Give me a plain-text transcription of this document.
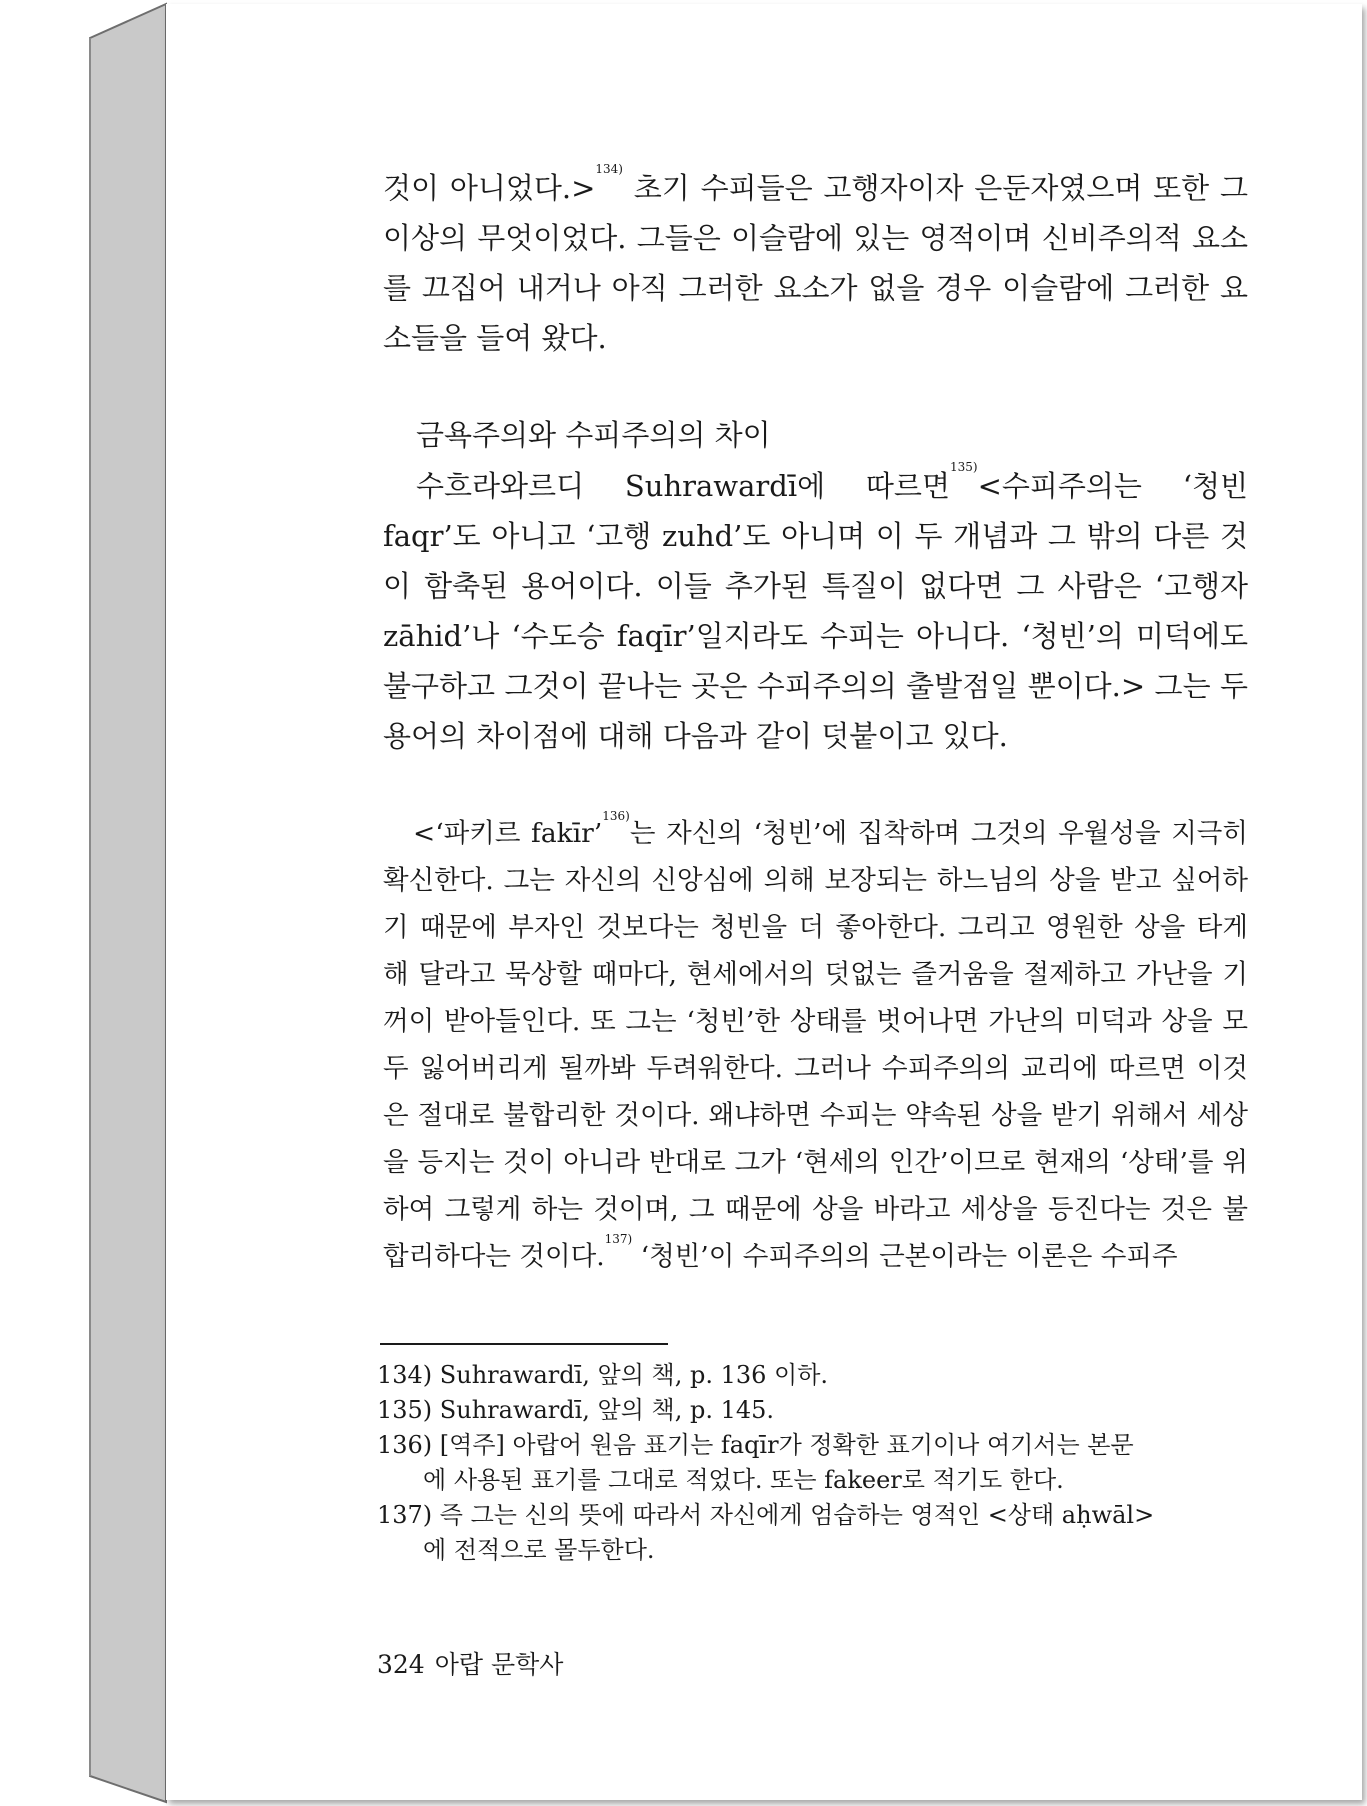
것이 아니었다.>$^{134)}$ 초기 수피들은 고행자이자 은둔자였으며 또한 그 이상의 무엇이었다. 그들은 이슬람에 있는 영적이며 신비주의적 요소를 끄집어 내거나 아직 그러한 요소가 없을 경우 이슬람에 그러한 요소들을 들여 왔다.
금욕주의와 수피주의의 차이
수흐라와르디 Suhrawardī에 따르면$^{135)}$<수피주의는 ‘청빈 faqr’도 아니고 ‘고행 zuhd’도 아니며 이 두 개념과 그 밖의 다른 것이 함축된 용어이다. 이들 추가된 특질이 없다면 그 사람은 ‘고행자 zāhid’나 ‘수도승 faqīr’일지라도 수피는 아니다. ‘청빈’의 미덕에도 불구하고 그것이 끝나는 곳은 수피주의의 출발점일 뿐이다.> 그는 두 용어의 차이점에 대해 다음과 같이 덧붙이고 있다.
<‘파키르 fakīr’$^{136)}$는 자신의 ‘청빈’에 집착하며 그것의 우월성을 지극히 확신한다. 그는 자신의 신앙심에 의해 보장되는 하느님의 상을 받고 싶어하기 때문에 부자인 것보다는 청빈을 더 좋아한다. 그리고 영원한 상을 타게 해 달라고 묵상할 때마다, 현세에서의 덧없는 즐거움을 절제하고 가난을 기꺼이 받아들인다. 또 그는 ‘청빈’한 상태를 벗어나면 가난의 미덕과 상을 모두 잃어버리게 될까봐 두려워한다. 그러나 수피주의의 교리에 따르면 이것은 절대로 불합리한 것이다. 왜냐하면 수피는 약속된 상을 받기 위해서 세상을 등지는 것이 아니라 반대로 그가 ‘현세의 인간’이므로 현재의 ‘상태’를 위하여 그렇게 하는 것이며, 그 때문에 상을 바라고 세상을 등진다는 것은 불합리하다는 것이다.$^{137)}$ ‘청빈’이 수피주의의 근본이라는 이론은 수피주
134) Suhrawardī, 앞의 책, p. 136 이하.
135) Suhrawardī, 앞의 책, p. 145.
136) [역주] 아랍어 원음 표기는 faqīr가 정확한 표기이나 여기서는 본문
에 사용된 표기를 그대로 적었다. 또는 fakeer로 적기도 한다.
137) 즉 그는 신의 뜻에 따라서 자신에게 엄습하는 영적인 <상태 aḥwāl>
에 전적으로 몰두한다.
324 아랍 문학사
